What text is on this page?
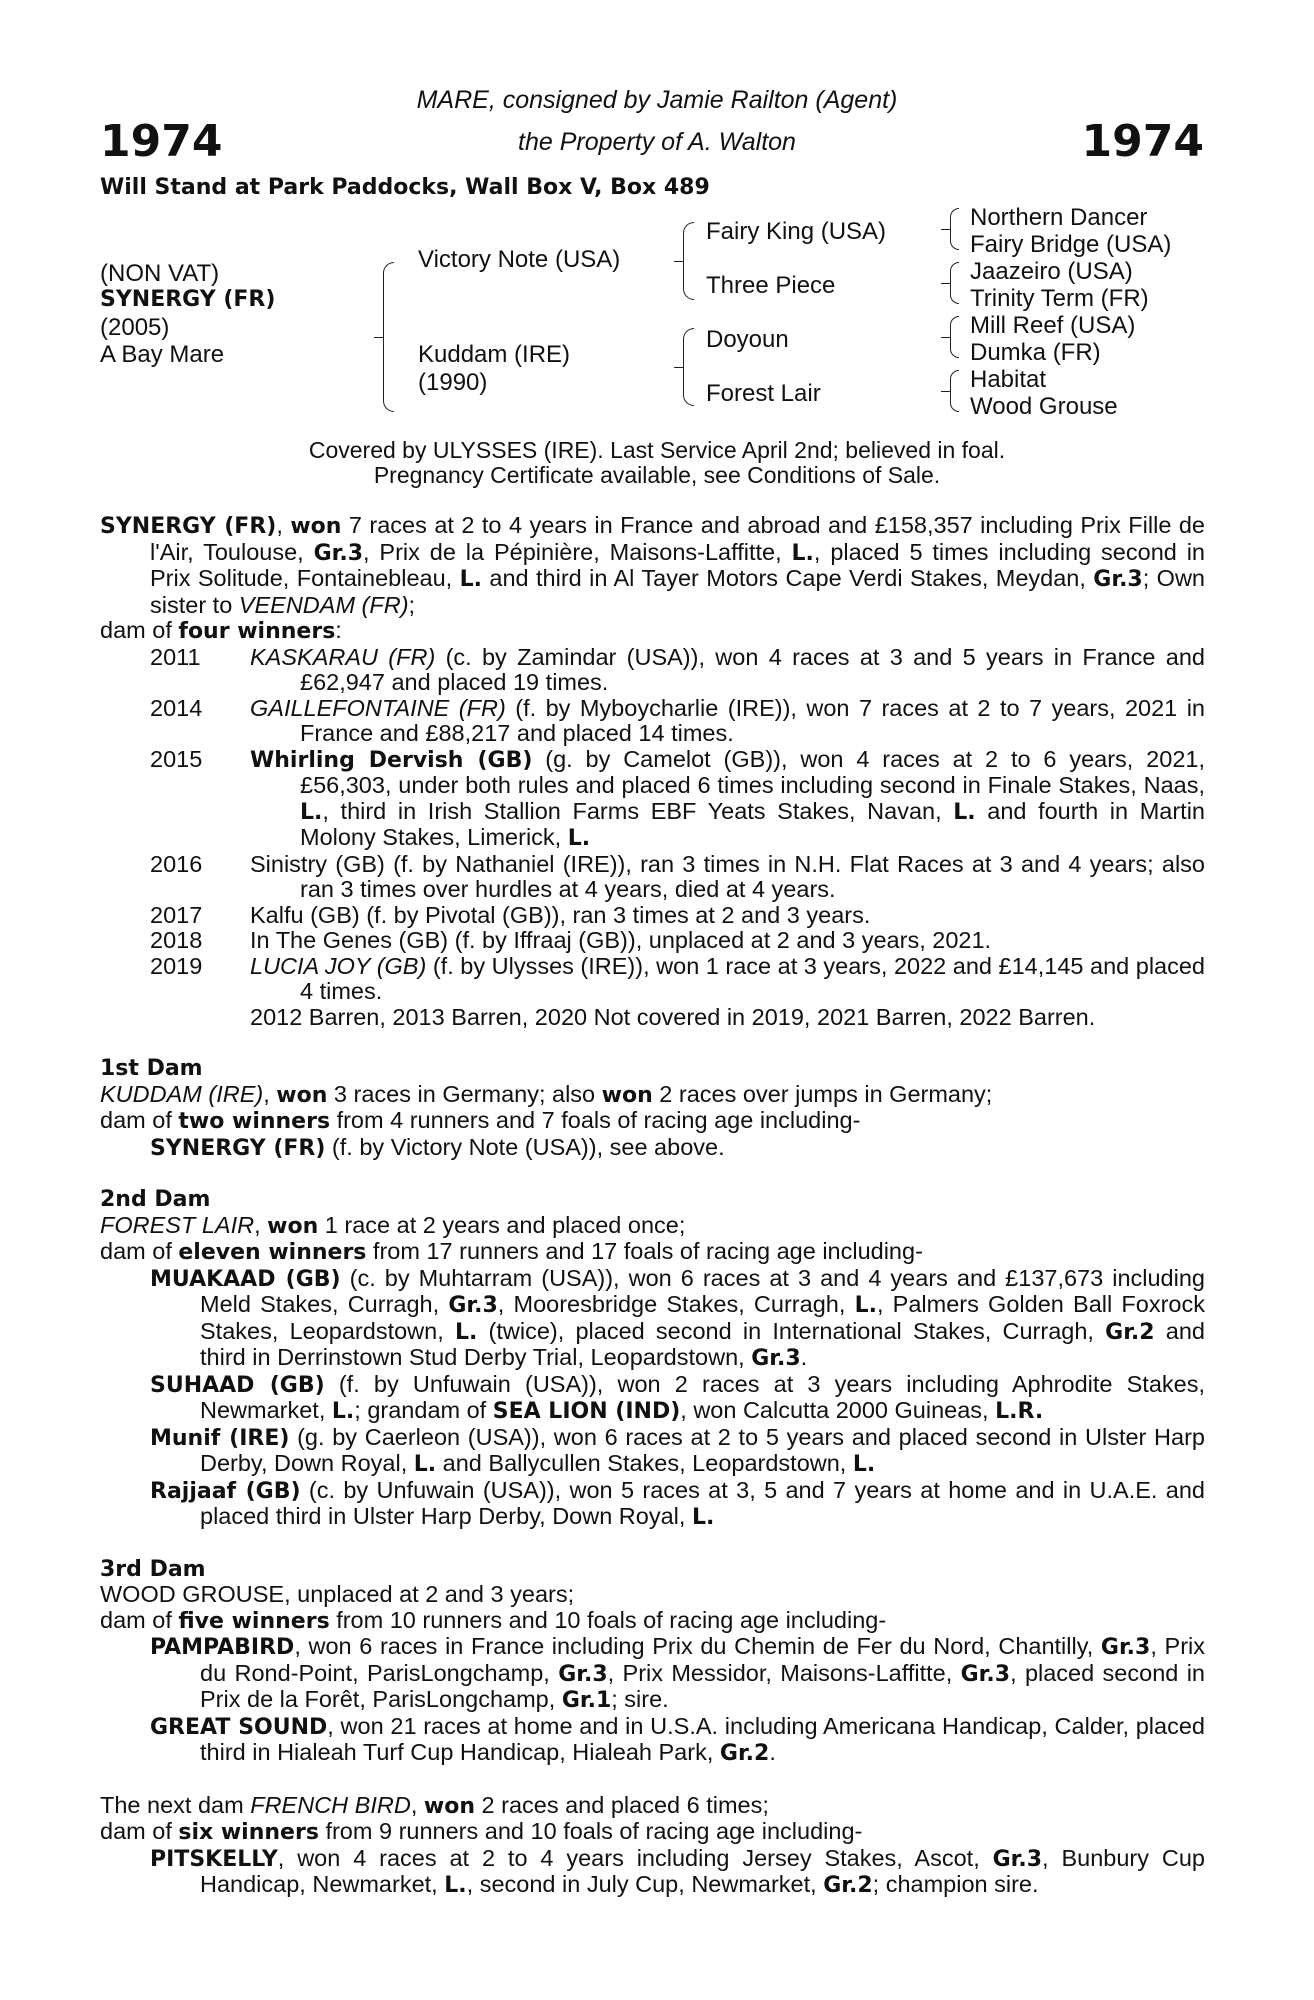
1974	1974
MARE, consigned by Jamie Railton (Agent)
the Property of A. Walton
Will Stand at Park Paddocks, Wall Box V, Box 489
(NON VAT)
SYNERGY (FR)
(2005)
A Bay Mare
Victory Note (USA)
Kuddam (IRE)
(1990)
Fairy King (USA)
Three Piece
Doyoun
Forest Lair
Northern Dancer
Fairy Bridge (USA)
Jaazeiro (USA)
Trinity Term (FR)
Mill Reef (USA)
Dumka (FR)
Habitat
Wood Grouse
Covered by ULYSSES (IRE). Last Service April 2nd; believed in foal.
Pregnancy Certificate available, see Conditions of Sale.

SYNERGY (FR), won 7 races at 2 to 4 years in France and abroad and £158,357 including Prix Fille de l'Air, Toulouse, Gr.3, Prix de la Pépinière, Maisons-Laffitte, L., placed 5 times including second in Prix Solitude, Fontainebleau, L. and third in Al Tayer Motors Cape Verdi Stakes, Meydan, Gr.3; Own sister to VEENDAM (FR);

dam of four winners:

2011	KASKARAU (FR) (c. by Zamindar (USA)), won 4 races at 3 and 5 years in France and £62,947 and placed 19 times.
2014	GAILLEFONTAINE (FR) (f. by Myboycharlie (IRE)), won 7 races at 2 to 7 years, 2021 in France and £88,217 and placed 14 times.
2015	Whirling Dervish (GB) (g. by Camelot (GB)), won 4 races at 2 to 6 years, 2021, £56,303, under both rules and placed 6 times including second in Finale Stakes, Naas, L., third in Irish Stallion Farms EBF Yeats Stakes, Navan, L. and fourth in Martin Molony Stakes, Limerick, L.
2016	Sinistry (GB) (f. by Nathaniel (IRE)), ran 3 times in N.H. Flat Races at 3 and 4 years; also ran 3 times over hurdles at 4 years, died at 4 years.
2017	Kalfu (GB) (f. by Pivotal (GB)), ran 3 times at 2 and 3 years.
2018	In The Genes (GB) (f. by Iffraaj (GB)), unplaced at 2 and 3 years, 2021.
2019	LUCIA JOY (GB) (f. by Ulysses (IRE)), won 1 race at 3 years, 2022 and £14,145 and placed 4 times.
2012 Barren, 2013 Barren, 2020 Not covered in 2019, 2021 Barren, 2022 Barren.

1st Dam

KUDDAM (IRE), won 3 races in Germany; also won 2 races over jumps in Germany;

dam of two winners from 4 runners and 7 foals of racing age including-

SYNERGY (FR) (f. by Victory Note (USA)), see above.

2nd Dam

FOREST LAIR, won 1 race at 2 years and placed once;

dam of eleven winners from 17 runners and 17 foals of racing age including-

MUAKAAD (GB) (c. by Muhtarram (USA)), won 6 races at 3 and 4 years and £137,673 including Meld Stakes, Curragh, Gr.3, Mooresbridge Stakes, Curragh, L., Palmers Golden Ball Foxrock Stakes, Leopardstown, L. (twice), placed second in International Stakes, Curragh, Gr.2 and third in Derrinstown Stud Derby Trial, Leopardstown, Gr.3.

SUHAAD (GB) (f. by Unfuwain (USA)), won 2 races at 3 years including Aphrodite Stakes, Newmarket, L.; grandam of SEA LION (IND), won Calcutta 2000 Guineas, L.R.

Munif (IRE) (g. by Caerleon (USA)), won 6 races at 2 to 5 years and placed second in Ulster Harp Derby, Down Royal, L. and Ballycullen Stakes, Leopardstown, L.

Rajjaaf (GB) (c. by Unfuwain (USA)), won 5 races at 3, 5 and 7 years at home and in U.A.E. and placed third in Ulster Harp Derby, Down Royal, L.

3rd Dam

WOOD GROUSE, unplaced at 2 and 3 years;

dam of five winners from 10 runners and 10 foals of racing age including-

PAMPABIRD, won 6 races in France including Prix du Chemin de Fer du Nord, Chantilly, Gr.3, Prix du Rond-Point, ParisLongchamp, Gr.3, Prix Messidor, Maisons-Laffitte, Gr.3, placed second in Prix de la Forêt, ParisLongchamp, Gr.1; sire.

GREAT SOUND, won 21 races at home and in U.S.A. including Americana Handicap, Calder, placed third in Hialeah Turf Cup Handicap, Hialeah Park, Gr.2.

The next dam FRENCH BIRD, won 2 races and placed 6 times;

dam of six winners from 9 runners and 10 foals of racing age including-

PITSKELLY, won 4 races at 2 to 4 years including Jersey Stakes, Ascot, Gr.3, Bunbury Cup Handicap, Newmarket, L., second in July Cup, Newmarket, Gr.2; champion sire.
